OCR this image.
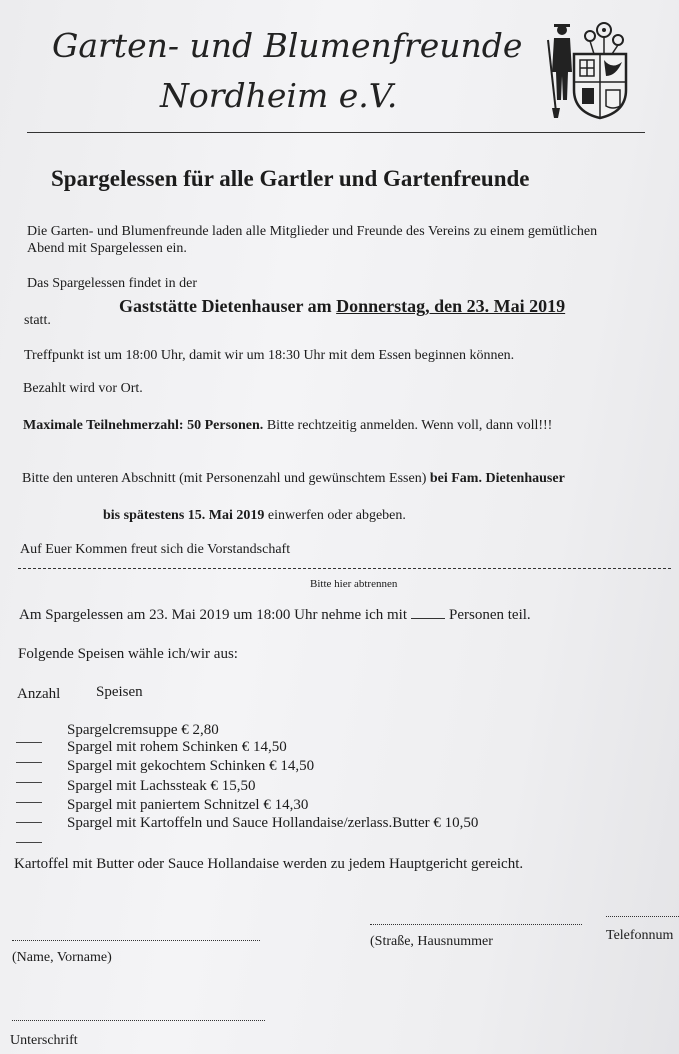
Garten- und Blumenfreunde
Nordheim e.V.
Spargelessen für alle Gartler und Gartenfreunde
Die Garten- und Blumenfreunde laden alle Mitglieder und Freunde des Vereins zu einem gemütlichen
Abend mit Spargelessen ein.
Das Spargelessen findet in der
Gaststätte Dietenhauser am Donnerstag, den 23. Mai 2019
statt.
Treffpunkt ist um 18:00 Uhr, damit wir um 18:30 Uhr mit dem Essen beginnen können.
Bezahlt wird vor Ort.
Maximale Teilnehmerzahl: 50 Personen. Bitte rechtzeitig anmelden. Wenn voll, dann voll!!!
Bitte den unteren Abschnitt (mit Personenzahl und gewünschtem Essen) bei Fam. Dietenhauser
bis spätestens 15. Mai 2019 einwerfen oder abgeben.
Auf Euer Kommen freut sich die Vorstandschaft
Bitte hier abtrennen
Am Spargelessen am 23. Mai 2019 um 18:00 Uhr nehme ich mit	Personen teil.
Folgende Speisen wähle ich/wir aus:
Anzahl Speisen
Spargelcremsuppe € 2,80
Spargel mit rohem Schinken € 14,50
Spargel mit gekochtem Schinken € 14,50
Spargel mit Lachssteak € 15,50
Spargel mit paniertem Schnitzel € 14,30
Spargel mit Kartoffeln und Sauce Hollandaise/zerlass.Butter € 10,50
Kartoffel mit Butter oder Sauce Hollandaise werden zu jedem Hauptgericht gereicht.
(Name, Vorname)
(Straße, Hausnummer	Telefonnum
Unterschrift
